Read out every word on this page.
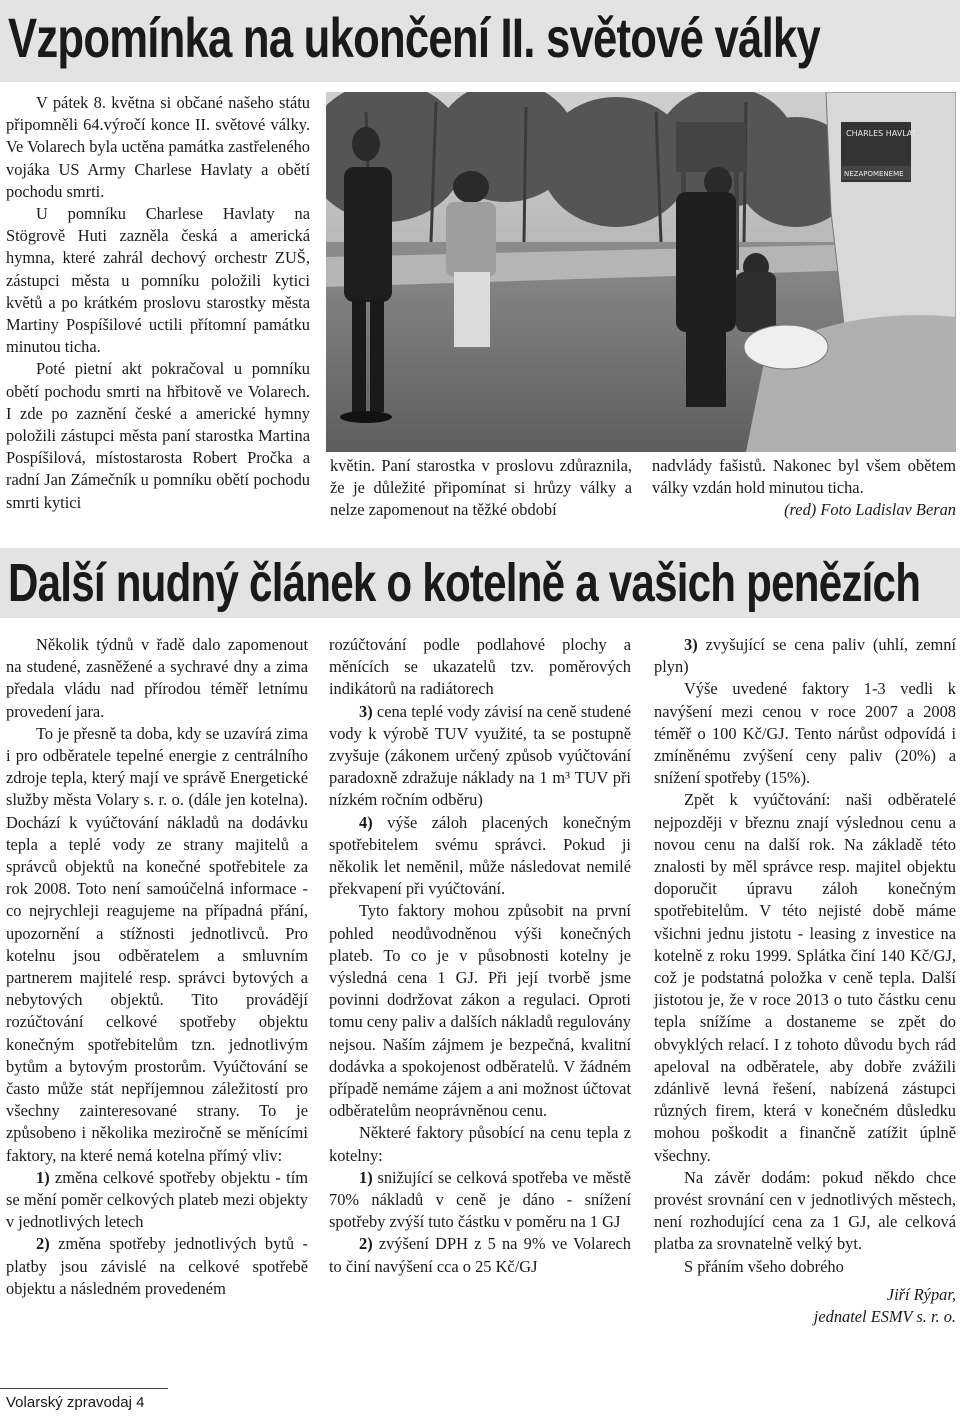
Vzpomínka na ukončení II. světové války

V pátek 8. května si občané našeho státu připomněli 64.výročí konce II. světové války. Ve Volarech byla uctěna památka zastřeleného vojáka US Army Charlese Havlaty a obětí pochodu smrti.

U pomníku Charlese Havlaty na Stögrově Huti zazněla česká a americká hymna, které zahrál dechový orchestr ZUŠ, zástupci města u pomníku položili kytici květů a po krátkém proslovu starostky města Martiny Pospíšilové uctili přítomní památku minutou ticha.

Poté pietní akt pokračoval u pomníku obětí pochodu smrti na hřbitově ve Volarech. I zde po zaznění české a americké hymny položili zástupci města paní starostka Martina Pospíšilová, místostarosta Robert Pročka a radní Jan Zámečník u pomníku obětí pochodu smrti kytici

CHARLES HAVLAT,
NEZAPOMENEME

květin. Paní starostka v proslovu zdůraznila, že je důležité připomínat si hrůzy války a nelze zapomenout na těžké období

nadvlády fašistů. Nakonec byl všem obětem války vzdán hold minutou ticha.

(red) Foto Ladislav Beran

Další nudný článek o kotelně a vašich penězích

Několik týdnů v řadě dalo zapomenout na studené, zasněžené a sychravé dny a zima předala vládu nad přírodou téměř letnímu provedení jara.

To je přesně ta doba, kdy se uzavírá zima i pro odběratele tepelné energie z centrálního zdroje tepla, který mají ve správě Energetické služby města Volary s. r. o. (dále jen kotelna). Dochází k vyúčtování nákladů na dodávku tepla a teplé vody ze strany majitelů a správců objektů na konečné spotřebitele za rok 2008. Toto není samoúčelná informace - co nejrychleji reagujeme na případná přání, upozornění a stížnosti jednotlivců. Pro kotelnu jsou odběratelem a smluvním partnerem majitelé resp. správci bytových a nebytových objektů. Tito provádějí rozúčtování celkové spotřeby objektu konečným spotřebitelům tzn. jednotlivým bytům a bytovým prostorům. Vyúčtování se často může stát nepříjemnou záležitostí pro všechny zainteresované strany. To je způsobeno i několika meziročně se měnícími faktory, na které nemá kotelna přímý vliv:

1) změna celkové spotřeby objektu - tím se mění poměr celkových plateb mezi objekty v jednotlivých letech

2) změna spotřeby jednotlivých bytů - platby jsou závislé na celkové spotřebě objektu a následném provedeném

rozúčtování podle podlahové plochy a měnících se ukazatelů tzv. poměrových indikátorů na radiátorech

3) cena teplé vody závisí na ceně studené vody k výrobě TUV využité, ta se postupně zvyšuje (zákonem určený způsob vyúčtování paradoxně zdražuje náklady na 1 m³ TUV při nízkém ročním odběru)

4) výše záloh placených konečným spotřebitelem svému správci. Pokud ji několik let neměnil, může následovat nemilé překvapení při vyúčtování.

Tyto faktory mohou způsobit na první pohled neodůvodněnou výši konečných plateb. To co je v působnosti kotelny je výsledná cena 1 GJ. Při její tvorbě jsme povinni dodržovat zákon a regulaci. Oproti tomu ceny paliv a dalších nákladů regulovány nejsou. Naším zájmem je bezpečná, kvalitní dodávka a spokojenost odběratelů. V žádném případě nemáme zájem a ani možnost účtovat odběratelům neoprávněnou cenu.

Některé faktory působící na cenu tepla z kotelny:

1) snižující se celková spotřeba ve městě 70% nákladů v ceně je dáno - snížení spotřeby zvýší tuto částku v poměru na 1 GJ

2) zvýšení DPH z 5 na 9% ve Volarech to činí navýšení cca o 25 Kč/GJ

3) zvyšující se cena paliv (uhlí, zemní plyn)

Výše uvedené faktory 1-3 vedli k navýšení mezi cenou v roce 2007 a 2008 téměř o 100 Kč/GJ. Tento nárůst odpovídá i zmíněnému zvýšení ceny paliv (20%) a snížení spotřeby (15%).

Zpět k vyúčtování: naši odběratelé nejpozději v březnu znají výslednou cenu a novou cenu na další rok. Na základě této znalosti by měl správce resp. majitel objektu doporučit úpravu záloh konečným spotřebitelům. V této nejisté době máme všichni jednu jistotu - leasing z investice na kotelně z roku 1999. Splátka činí 140 Kč/GJ, což je podstatná položka v ceně tepla. Další jistotou je, že v roce 2013 o tuto částku cenu tepla snížíme a dostaneme se zpět do obvyklých relací. I z tohoto důvodu bych rád apeloval na odběratele, aby dobře zvážili zdánlivě levná řešení, nabízená zástupci různých firem, která v konečném důsledku mohou poškodit a finančně zatížit úplně všechny.

Na závěr dodám: pokud někdo chce provést srovnání cen v jednotlivých městech, není rozhodující cena za 1 GJ, ale celková platba za srovnatelně velký byt.

S přáním všeho dobrého

Jiří Rýpar,

jednatel ESMV s. r. o.

Volarský zpravodaj 4
